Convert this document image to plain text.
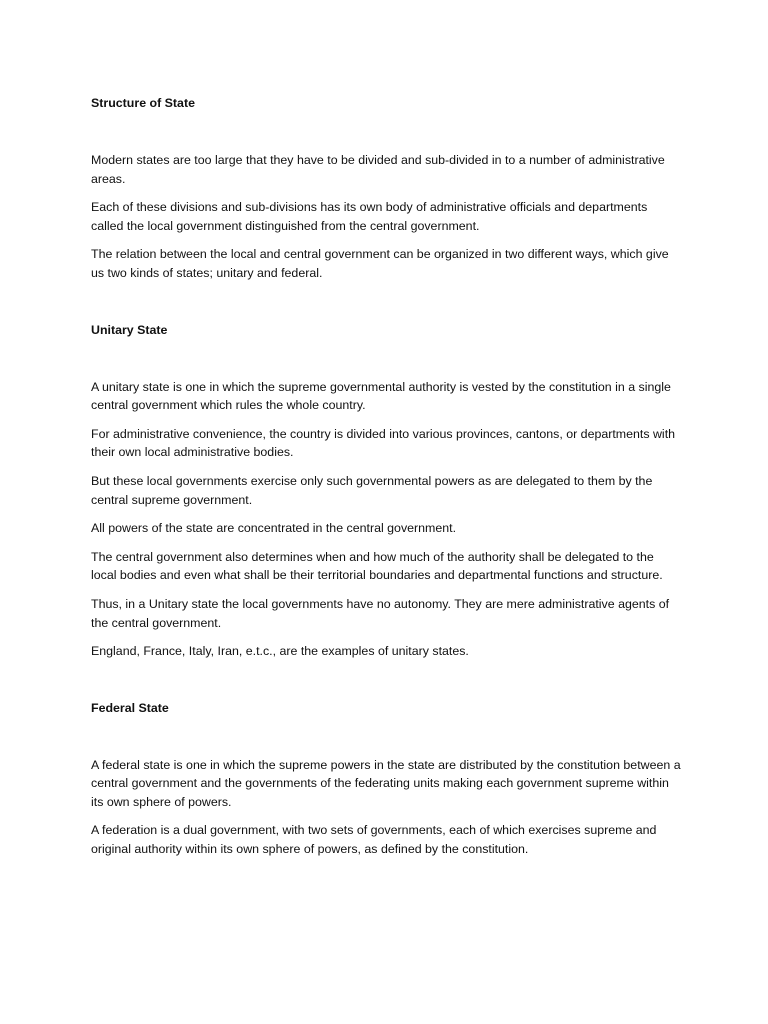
Structure of State

Modern states are too large that they have to be divided and sub-divided in to a number of administrative areas.

Each of these divisions and sub-divisions has its own body of administrative officials and departments called the local government distinguished from the central government.

The relation between the local and central government can be organized in two different ways, which give us two kinds of states; unitary and federal.

Unitary State

A unitary state is one in which the supreme governmental authority is vested by the constitution in a single central government which rules the whole country.

For administrative convenience, the country is divided into various provinces, cantons, or departments with their own local administrative bodies.

But these local governments exercise only such governmental powers as are delegated to them by the central supreme government.

All powers of the state are concentrated in the central government.

The central government also determines when and how much of the authority shall be delegated to the local bodies and even what shall be their territorial boundaries and departmental functions and structure.

Thus, in a Unitary state the local governments have no autonomy. They are mere administrative agents of the central government.

England, France, Italy, Iran, e.t.c., are the examples of unitary states.

Federal State

A federal state is one in which the supreme powers in the state are distributed by the constitution between a central government and the governments of the federating units making each government supreme within its own sphere of powers.

A federation is a dual government, with two sets of governments, each of which exercises supreme and original authority within its own sphere of powers, as defined by the constitution.
